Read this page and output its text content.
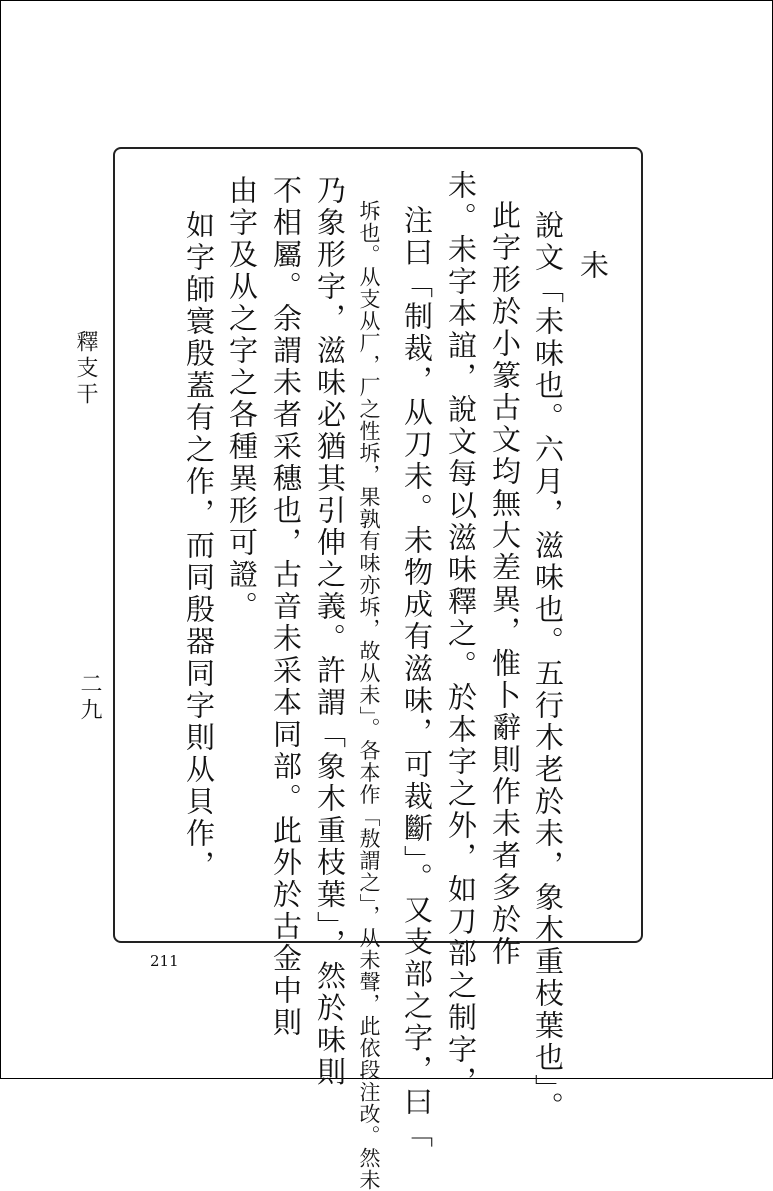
未
說文「未味也。六月，滋味也。五行木老於未，象木重枝葉也」。
此字形於小篆古文均無大差異，惟卜辭則作未者多於作
未。未字本誼，說文每以滋味釋之。於本字之外，如刀部之制字，
注曰「制裁，从刀未。未物成有滋味，可裁斷」。又支部之字，曰「
坼也。从支从厂，厂之性坼，果孰有味亦坼，故从未」。各本作「敖謂之」，从未聲，此依段注改。然未
乃象形字，滋味必猶其引伸之義。許謂「象木重枝葉」，然於味則
不相屬。余謂未者采穗也，古音未采本同部。此外於古金中則
由字及从之字之各種異形可證。
如字師寰殷蓋有之作，而同殷器同字則从貝作，
釋支干
二九
211
